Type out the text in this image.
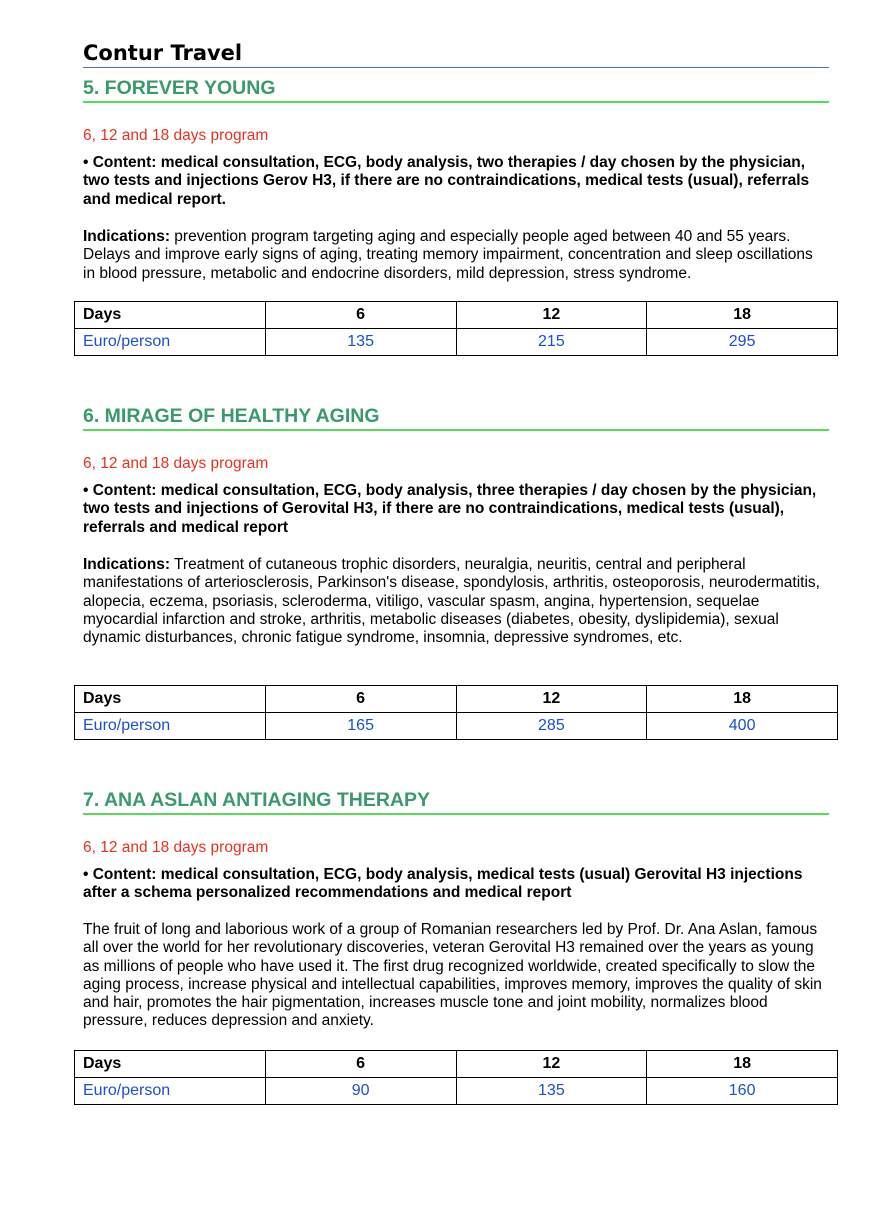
Contur Travel
5. FOREVER YOUNG
6, 12 and 18 days program
• Content: medical consultation, ECG, body analysis, two therapies / day chosen by the physician, two tests and injections Gerov H3, if there are no contraindications, medical tests (usual), referrals and medical report.
Indications: prevention program targeting aging and especially people aged between 40 and 55 years. Delays and improve early signs of aging, treating memory impairment, concentration and sleep oscillations in blood pressure, metabolic and endocrine disorders, mild depression, stress syndrome.
Days	6	12	18
Euro/person	135	215	295
6. MIRAGE OF HEALTHY AGING
6, 12 and 18 days program
• Content: medical consultation, ECG, body analysis, three therapies / day chosen by the physician, two tests and injections of Gerovital H3, if there are no contraindications, medical tests (usual), referrals and medical report
Indications: Treatment of cutaneous trophic disorders, neuralgia, neuritis, central and peripheral manifestations of arteriosclerosis, Parkinson's disease, spondylosis, arthritis, osteoporosis, neurodermatitis, alopecia, eczema, psoriasis, scleroderma, vitiligo, vascular spasm, angina, hypertension, sequelae myocardial infarction and stroke, arthritis, metabolic diseases (diabetes, obesity, dyslipidemia), sexual dynamic disturbances, chronic fatigue syndrome, insomnia, depressive syndromes, etc.
Days	6	12	18
Euro/person	165	285	400
7. ANA ASLAN ANTIAGING THERAPY
6, 12 and 18 days program
• Content: medical consultation, ECG, body analysis, medical tests (usual) Gerovital H3 injections after a schema personalized recommendations and medical report
The fruit of long and laborious work of a group of Romanian researchers led by Prof. Dr. Ana Aslan, famous all over the world for her revolutionary discoveries, veteran Gerovital H3 remained over the years as young as millions of people who have used it. The first drug recognized worldwide, created specifically to slow the aging process, increase physical and intellectual capabilities, improves memory, improves the quality of skin and hair, promotes the hair pigmentation, increases muscle tone and joint mobility, normalizes blood pressure, reduces depression and anxiety.
Days	6	12	18
Euro/person	90	135	160
